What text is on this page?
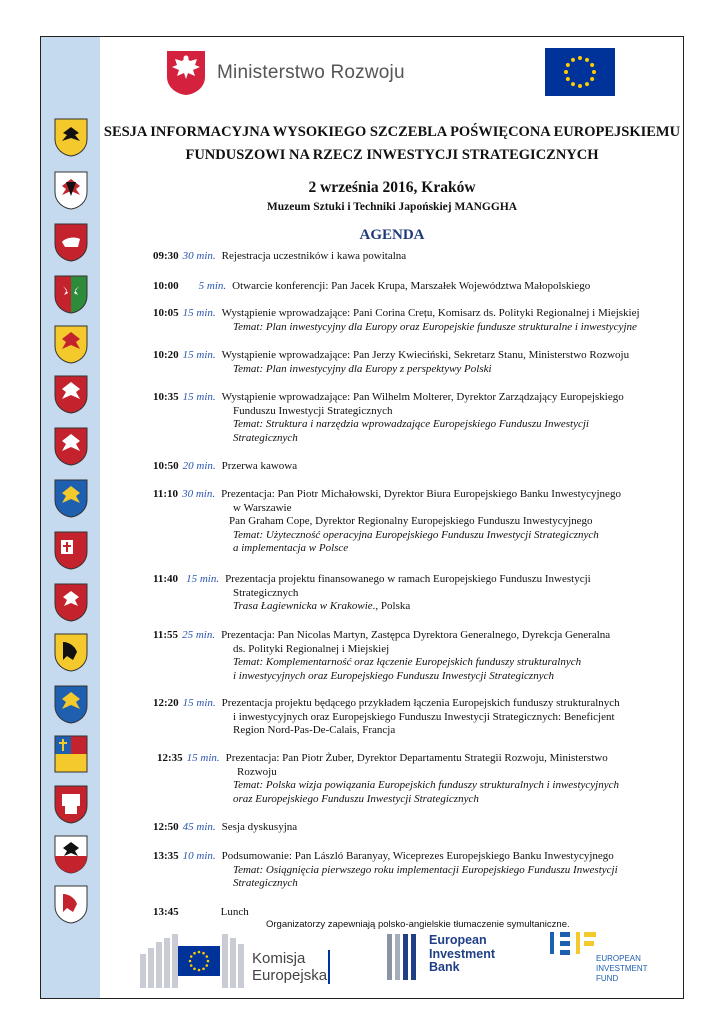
Ministerstwo Rozwoju
SESJA INFORMACYJNA WYSOKIEGO SZCZEBLA POŚWIĘCONA EUROPEJSKIEMU
FUNDUSZOWI NA RZECZ INWESTYCJI STRATEGICZNYCH
2 września 2016, Kraków
Muzeum Sztuki i Techniki Japońskiej MANGGHA
AGENDA
09:30 30 min. Rejestracja uczestników i kawa powitalna
10:00 5 min. Otwarcie konferencji: Pan Jacek Krupa, Marszałek Województwa Małopolskiego
10:05 15 min. Wystąpienie wprowadzające: Pani Corina Crețu, Komisarz ds. Polityki Regionalnej i Miejskiej
Temat: Plan inwestycyjny dla Europy oraz Europejskie fundusze strukturalne i inwestycyjne
10:20 15 min. Wystąpienie wprowadzające: Pan Jerzy Kwieciński, Sekretarz Stanu, Ministerstwo Rozwoju
Temat: Plan inwestycyjny dla Europy z perspektywy Polski
10:35 15 min. Wystąpienie wprowadzające: Pan Wilhelm Molterer, Dyrektor Zarządzający Europejskiego
Funduszu Inwestycji Strategicznych
Temat: Struktura i narzędzia wprowadzające Europejskiego Funduszu Inwestycji
Strategicznych
10:50 20 min. Przerwa kawowa
11:10 30 min. Prezentacja: Pan Piotr Michałowski, Dyrektor Biura Europejskiego Banku Inwestycyjnego
w Warszawie
Pan Graham Cope, Dyrektor Regionalny Europejskiego Funduszu Inwestycyjnego
Temat: Użyteczność operacyjna Europejskiego Funduszu Inwestycji Strategicznych
a implementacja w Polsce
11:40 15 min. Prezentacja projektu finansowanego w ramach Europejskiego Funduszu Inwestycji
Strategicznych
Trasa Łagiewnicka w Krakowie., Polska
11:55 25 min. Prezentacja: Pan Nicolas Martyn, Zastępca Dyrektora Generalnego, Dyrekcja Generalna
ds. Polityki Regionalnej i Miejskiej
Temat: Komplementarność oraz łączenie Europejskich funduszy strukturalnych
i inwestycyjnych oraz Europejskiego Funduszu Inwestycji Strategicznych
12:20 15 min. Prezentacja projektu będącego przykładem łączenia Europejskich funduszy strukturalnych
i inwestycyjnych oraz Europejskiego Funduszu Inwestycji Strategicznych: Beneficjent
Region Nord-Pas-De-Calais, Francja
12:35 15 min. Prezentacja: Pan Piotr Żuber, Dyrektor Departamentu Strategii Rozwoju, Ministerstwo
Rozwoju
Temat: Polska wizja powiązania Europejskich funduszy strukturalnych i inwestycyjnych
oraz Europejskiego Funduszu Inwestycji Strategicznych
12:50 45 min. Sesja dyskusyjna
13:35 10 min. Podsumowanie: Pan László Baranyay, Wiceprezes Europejskiego Banku Inwestycyjnego
Temat: Osiągnięcia pierwszego roku implementacji Europejskiego Funduszu Inwestycji
Strategicznych
13:45	Lunch
Organizatorzy zapewniają polsko-angielskie tłumaczenie symultaniczne.
Komisja
Europejska
European
Investment
Bank
EUROPEAN
INVESTMENT
FUND
